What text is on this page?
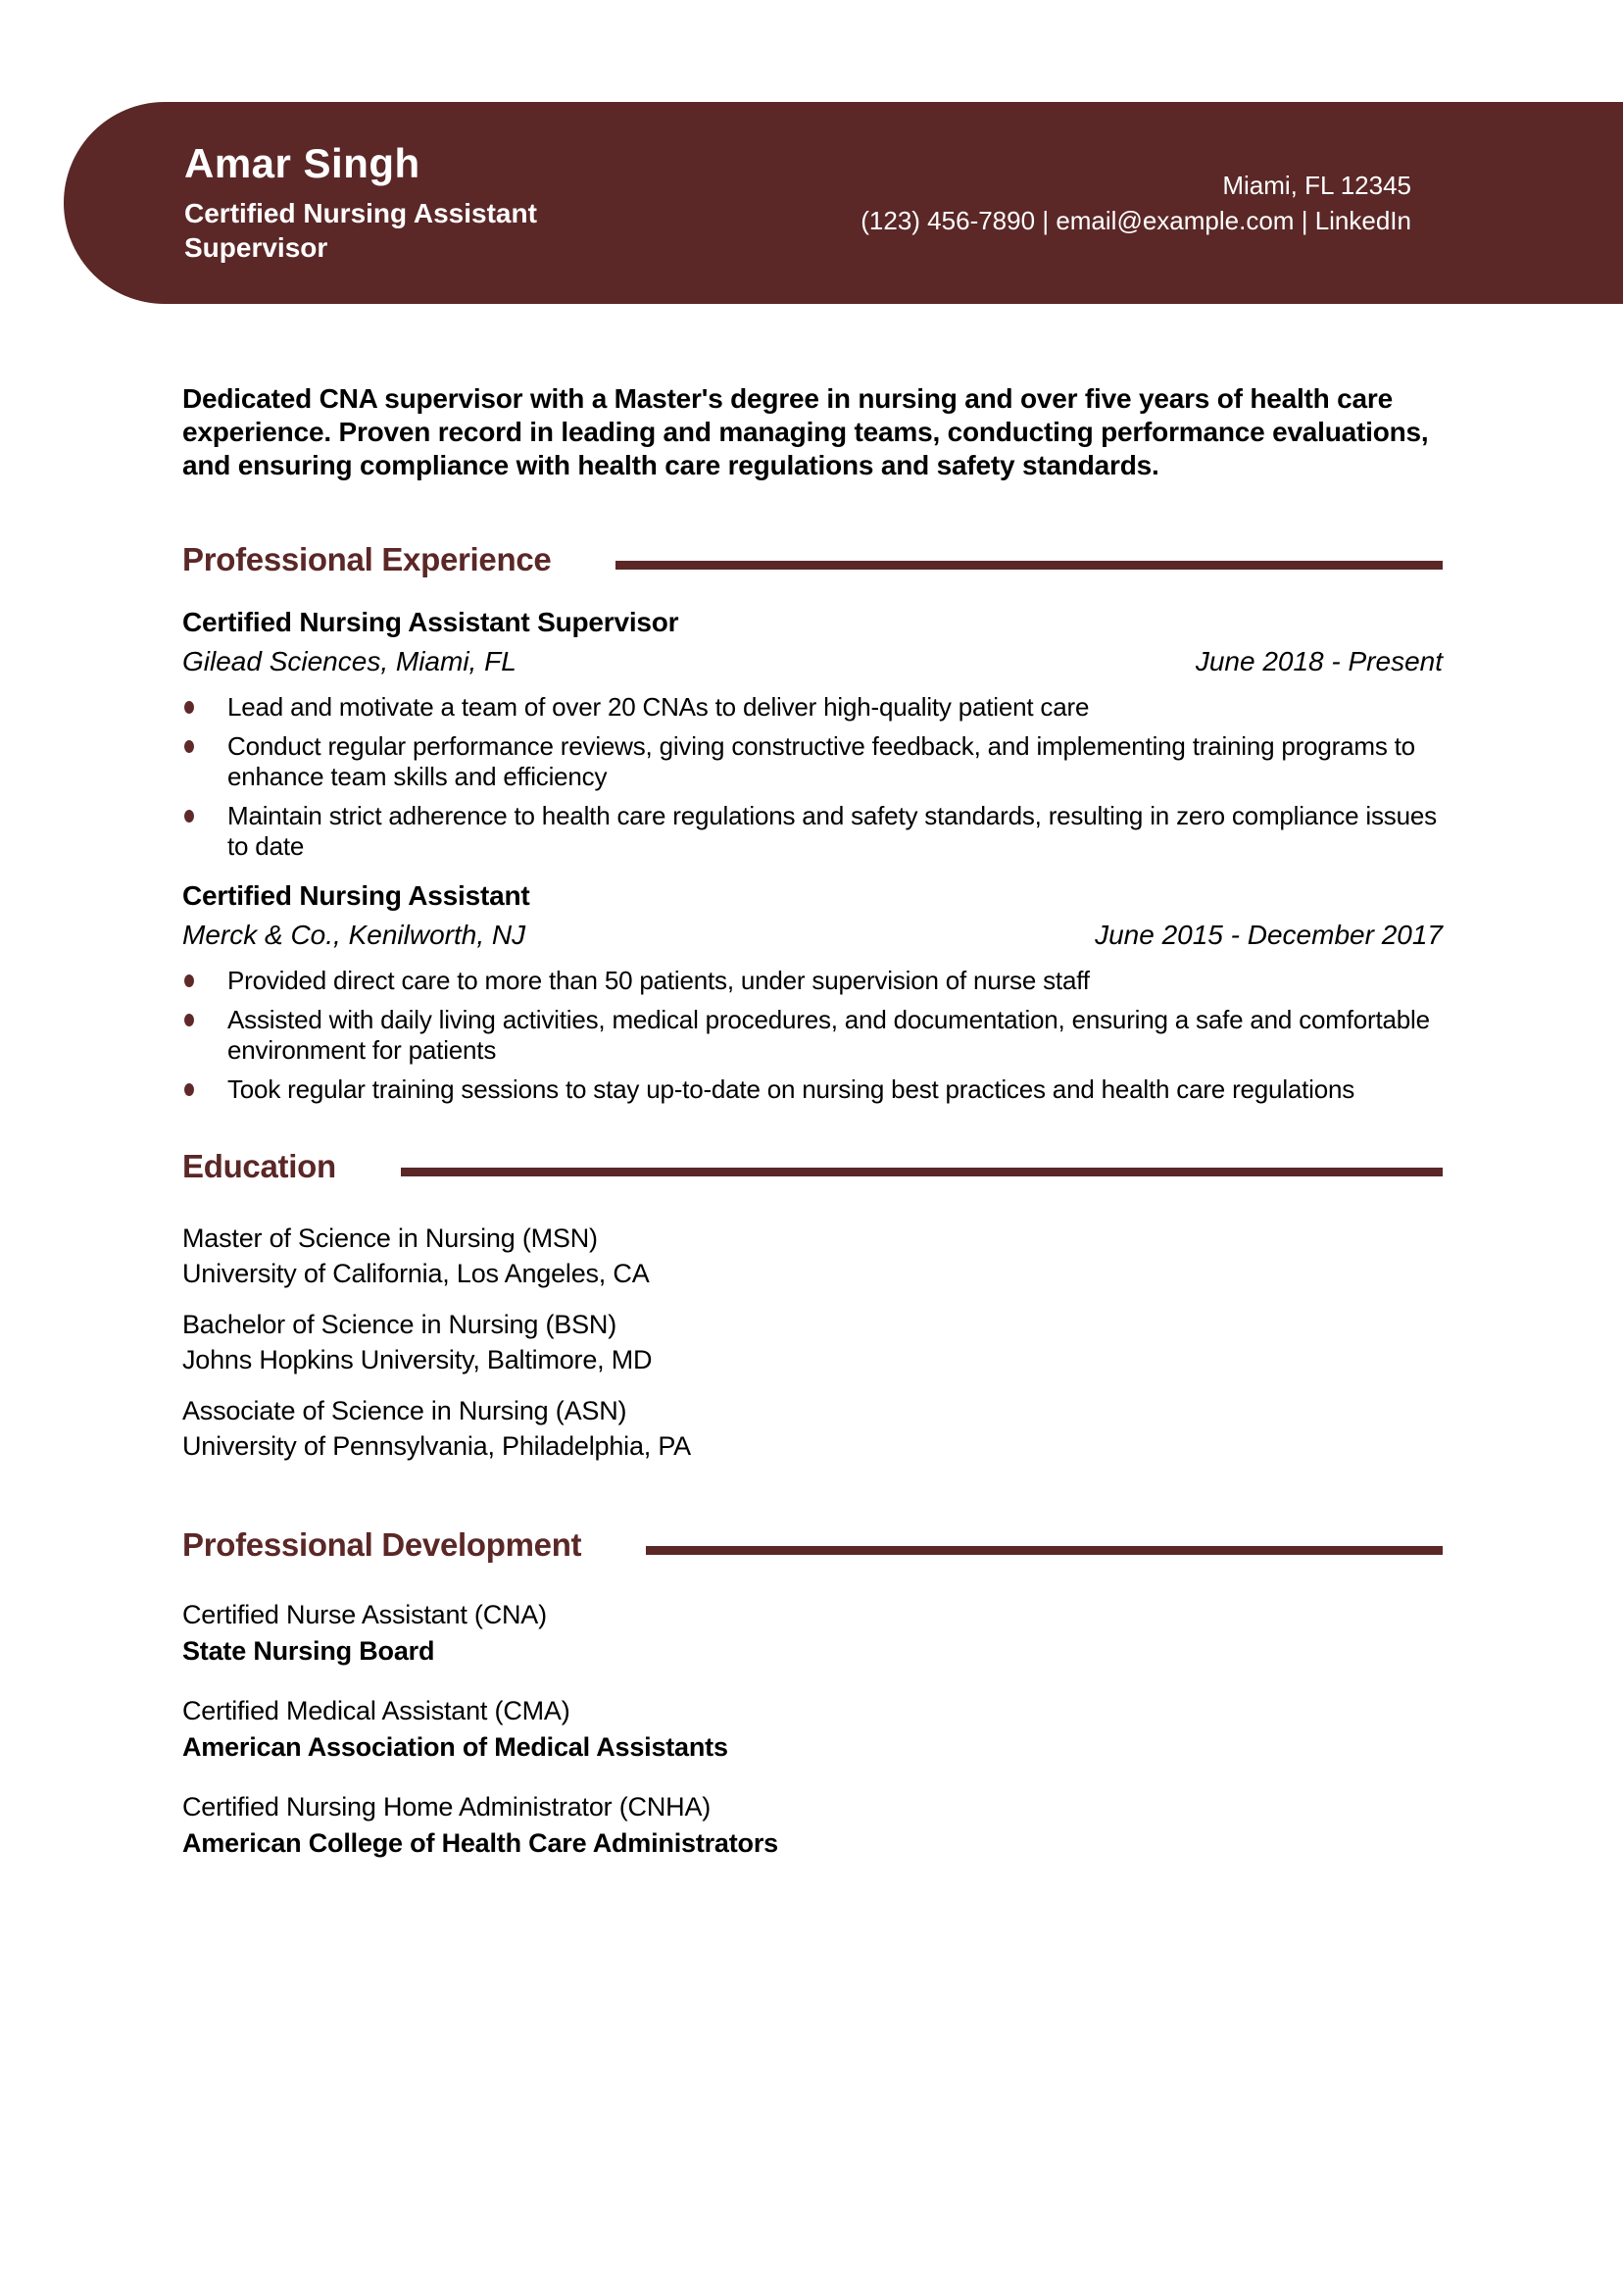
Amar Singh
Certified Nursing Assistant Supervisor
Miami, FL 12345
(123) 456-7890 | email@example.com | LinkedIn

Dedicated CNA supervisor with a Master's degree in nursing and over five years of health care experience. Proven record in leading and managing teams, conducting performance evaluations, and ensuring compliance with health care regulations and safety standards.

Professional Experience
Certified Nursing Assistant Supervisor
Gilead Sciences, Miami, FL	June 2018 - Present
Lead and motivate a team of over 20 CNAs to deliver high-quality patient care
Conduct regular performance reviews, giving constructive feedback, and implementing training programs to enhance team skills and efficiency
Maintain strict adherence to health care regulations and safety standards, resulting in zero compliance issues to date
Certified Nursing Assistant
Merck & Co., Kenilworth, NJ	June 2015 - December 2017
Provided direct care to more than 50 patients, under supervision of nurse staff
Assisted with daily living activities, medical procedures, and documentation, ensuring a safe and comfortable environment for patients
Took regular training sessions to stay up-to-date on nursing best practices and health care regulations
Education
Master of Science in Nursing (MSN)
University of California, Los Angeles, CA
Bachelor of Science in Nursing (BSN)
Johns Hopkins University, Baltimore, MD
Associate of Science in Nursing (ASN)
University of Pennsylvania, Philadelphia, PA
Professional Development
Certified Nurse Assistant (CNA)
State Nursing Board
Certified Medical Assistant (CMA)
American Association of Medical Assistants
Certified Nursing Home Administrator (CNHA)
American College of Health Care Administrators
